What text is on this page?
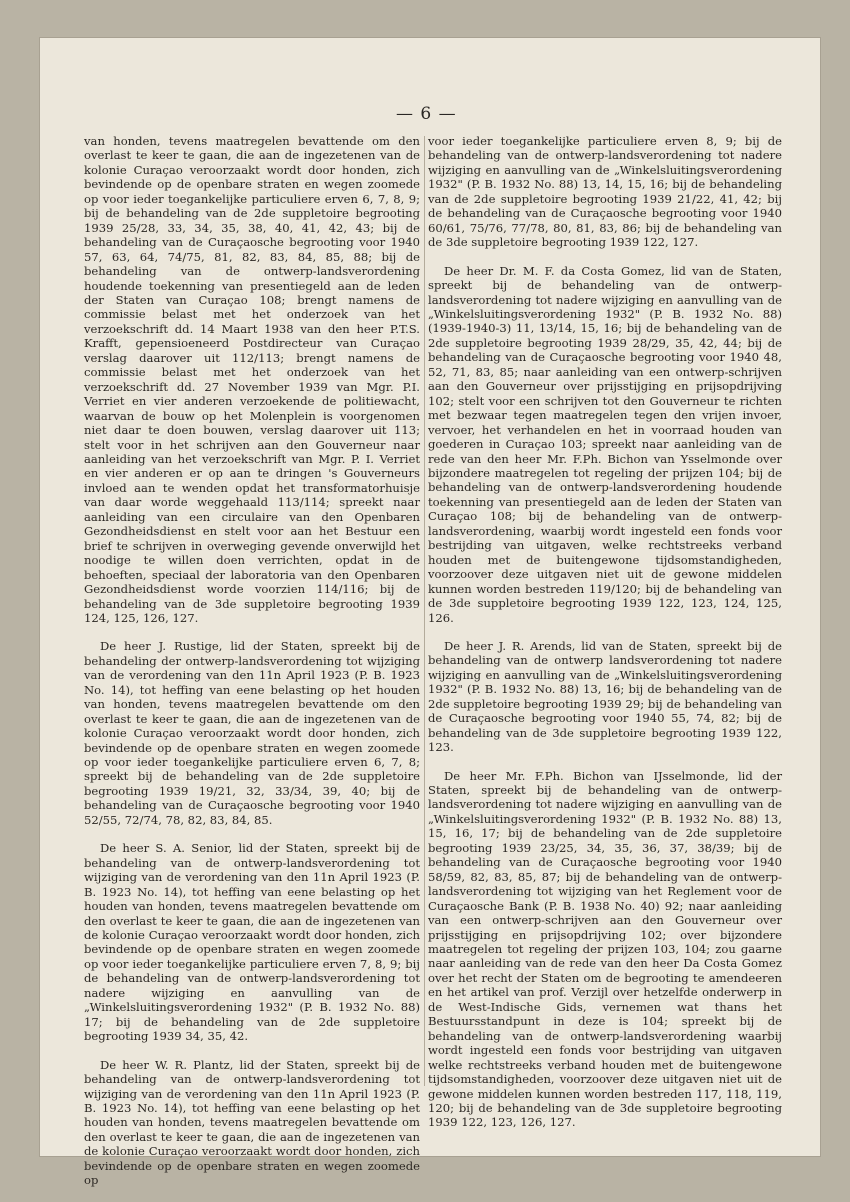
— 6 —

van honden, tevens maatregelen bevattende om den overlast te keer te gaan, die aan de ingezetenen van de kolonie Curaçao veroorzaakt wordt door honden, zich bevindende op de openbare straten en wegen zoomede op voor ieder toegankelijke particuliere erven 6, 7, 8, 9; bij de behandeling van de 2de suppletoire begrooting 1939 25/28, 33, 34, 35, 38, 40, 41, 42, 43; bij de behandeling van de Curaçaosche begrooting voor 1940 57, 63, 64, 74/75, 81, 82, 83, 84, 85, 88; bij de behandeling van de ontwerp-landsverordening houdende toekenning van presentiegeld aan de leden der Staten van Curaçao 108; brengt namens de commissie belast met het onderzoek van het verzoekschrift dd. 14 Maart 1938 van den heer P.T.S. Krafft, gepensioeneerd Postdirecteur van Curaçao verslag daarover uit 112/113; brengt namens de commissie belast met het onderzoek van het verzoekschrift dd. 27 November 1939 van Mgr. P.I. Verriet en vier anderen verzoekende de politiewacht, waarvan de bouw op het Molenplein is voorgenomen niet daar te doen bouwen, verslag daarover uit 113; stelt voor in het schrijven aan den Gouverneur naar aanleiding van het verzoekschrift van Mgr. P. I. Verriet en vier anderen er op aan te dringen 's Gouverneurs invloed aan te wenden opdat het transformatorhuisje van daar worde weggehaald 113/114; spreekt naar aanleiding van een circulaire van den Openbaren Gezondheidsdienst en stelt voor aan het Bestuur een brief te schrijven in overweging gevende onverwijld het noodige te willen doen verrichten, opdat in de behoeften, speciaal der laboratoria van den Openbaren Gezondheidsdienst worde voorzien 114/116; bij de behandeling van de 3de suppletoire begrooting 1939 124, 125, 126, 127.

De heer J. Rustige, lid der Staten, spreekt bij de behandeling der ontwerp-landsverordening tot wijziging van de verordening van den 11n April 1923 (P. B. 1923 No. 14), tot heffing van eene belasting op het houden van honden, tevens maatregelen bevattende om den overlast te keer te gaan, die aan de ingezetenen van de kolonie Curaçao veroorzaakt wordt door honden, zich bevindende op de openbare straten en wegen zoomede op voor ieder toegankelijke particuliere erven 6, 7, 8; spreekt bij de behandeling van de 2de suppletoire begrooting 1939 19/21, 32, 33/34, 39, 40; bij de behandeling van de Curaçaosche begrooting voor 1940 52/55, 72/74, 78, 82, 83, 84, 85.

De heer S. A. Senior, lid der Staten, spreekt bij de behandeling van de ontwerp-landsverordening tot wijziging van de verordening van den 11n April 1923 (P. B. 1923 No. 14), tot heffing van eene belasting op het houden van honden, tevens maatregelen bevattende om den overlast te keer te gaan, die aan de ingezetenen van de kolonie Curaçao veroorzaakt wordt door honden, zich bevindende op de openbare straten en wegen zoomede op voor ieder toegankelijke particuliere erven 7, 8, 9; bij de behandeling van de ontwerp-landsverordening tot nadere wijziging en aanvulling van de „Winkelsluitingsverordening 1932" (P. B. 1932 No. 88) 17; bij de behandeling van de 2de suppletoire begrooting 1939 34, 35, 42.

De heer W. R. Plantz, lid der Staten, spreekt bij de behandeling van de ontwerp-landsverordening tot wijziging van de verordening van den 11n April 1923 (P. B. 1923 No. 14), tot heffing van eene belasting op het houden van honden, tevens maatregelen bevattende om den overlast te keer te gaan, die aan de ingezetenen van de kolonie Curaçao veroorzaakt wordt door honden, zich bevindende op de openbare straten en wegen zoomede op

voor ieder toegankelijke particuliere erven 8, 9; bij de behandeling van de ontwerp-landsverordening tot nadere wijziging en aanvulling van de „Winkelsluitingsverordening 1932" (P. B. 1932 No. 88) 13, 14, 15, 16; bij de behandeling van de 2de suppletoire begrooting 1939 21/22, 41, 42; bij de behandeling van de Curaçaosche begrooting voor 1940 60/61, 75/76, 77/78, 80, 81, 83, 86; bij de behandeling van de 3de suppletoire begrooting 1939 122, 127.

De heer Dr. M. F. da Costa Gomez, lid van de Staten, spreekt bij de behandeling van de ontwerp-landsverordening tot nadere wijziging en aanvulling van de „Winkelsluitingsverordening 1932" (P. B. 1932 No. 88) (1939-1940-3) 11, 13/14, 15, 16; bij de behandeling van de 2de suppletoire begrooting 1939 28/29, 35, 42, 44; bij de behandeling van de Curaçaosche begrooting voor 1940 48, 52, 71, 83, 85; naar aanleiding van een ontwerp-schrijven aan den Gouverneur over prijsstijging en prijsopdrijving 102; stelt voor een schrijven tot den Gouverneur te richten met bezwaar tegen maatregelen tegen den vrijen invoer, vervoer, het verhandelen en het in voorraad houden van goederen in Curaçao 103; spreekt naar aanleiding van de rede van den heer Mr. F.Ph. Bichon van Ysselmonde over bijzondere maatregelen tot regeling der prijzen 104; bij de behandeling van de ontwerp-landsverordening houdende toekenning van presentiegeld aan de leden der Staten van Curaçao 108; bij de behandeling van de ontwerp-landsverordening, waarbij wordt ingesteld een fonds voor bestrijding van uitgaven, welke rechtstreeks verband houden met de buitengewone tijdsomstandigheden, voorzoover deze uitgaven niet uit de gewone middelen kunnen worden bestreden 119/120; bij de behandeling van de 3de suppletoire begrooting 1939 122, 123, 124, 125, 126.

De heer J. R. Arends, lid van de Staten, spreekt bij de behandeling van de ontwerp landsverordening tot nadere wijziging en aanvulling van de „Winkelsluitingsverordening 1932" (P. B. 1932 No. 88) 13, 16; bij de behandeling van de 2de suppletoire begrooting 1939 29; bij de behandeling van de Curaçaosche begrooting voor 1940 55, 74, 82; bij de behandeling van de 3de suppletoire begrooting 1939 122, 123.

De heer Mr. F.Ph. Bichon van IJsselmonde, lid der Staten, spreekt bij de behandeling van de ontwerp-landsverordening tot nadere wijziging en aanvulling van de „Winkelsluitingsverordening 1932" (P. B. 1932 No. 88) 13, 15, 16, 17; bij de behandeling van de 2de suppletoire begrooting 1939 23/25, 34, 35, 36, 37, 38/39; bij de behandeling van de Curaçaosche begrooting voor 1940 58/59, 82, 83, 85, 87; bij de behandeling van de ontwerp-landsverordening tot wijziging van het Reglement voor de Curaçaosche Bank (P. B. 1938 No. 40) 92; naar aanleiding van een ontwerp-schrijven aan den Gouverneur over prijsstijging en prijsopdrijving 102; over bijzondere maatregelen tot regeling der prijzen 103, 104; zou gaarne naar aanleiding van de rede van den heer Da Costa Gomez over het recht der Staten om de begrooting te amendeeren en het artikel van prof. Verzijl over hetzelfde onderwerp in de West-Indische Gids, vernemen wat thans het Bestuursstandpunt in deze is 104; spreekt bij de behandeling van de ontwerp-landsverordening waarbij wordt ingesteld een fonds voor bestrijding van uitgaven welke rechtstreeks verband houden met de buitengewone tijdsomstandigheden, voorzoover deze uitgaven niet uit de gewone middelen kunnen worden bestreden 117, 118, 119, 120; bij de behandeling van de 3de suppletoire begrooting 1939 122, 123, 126, 127.
